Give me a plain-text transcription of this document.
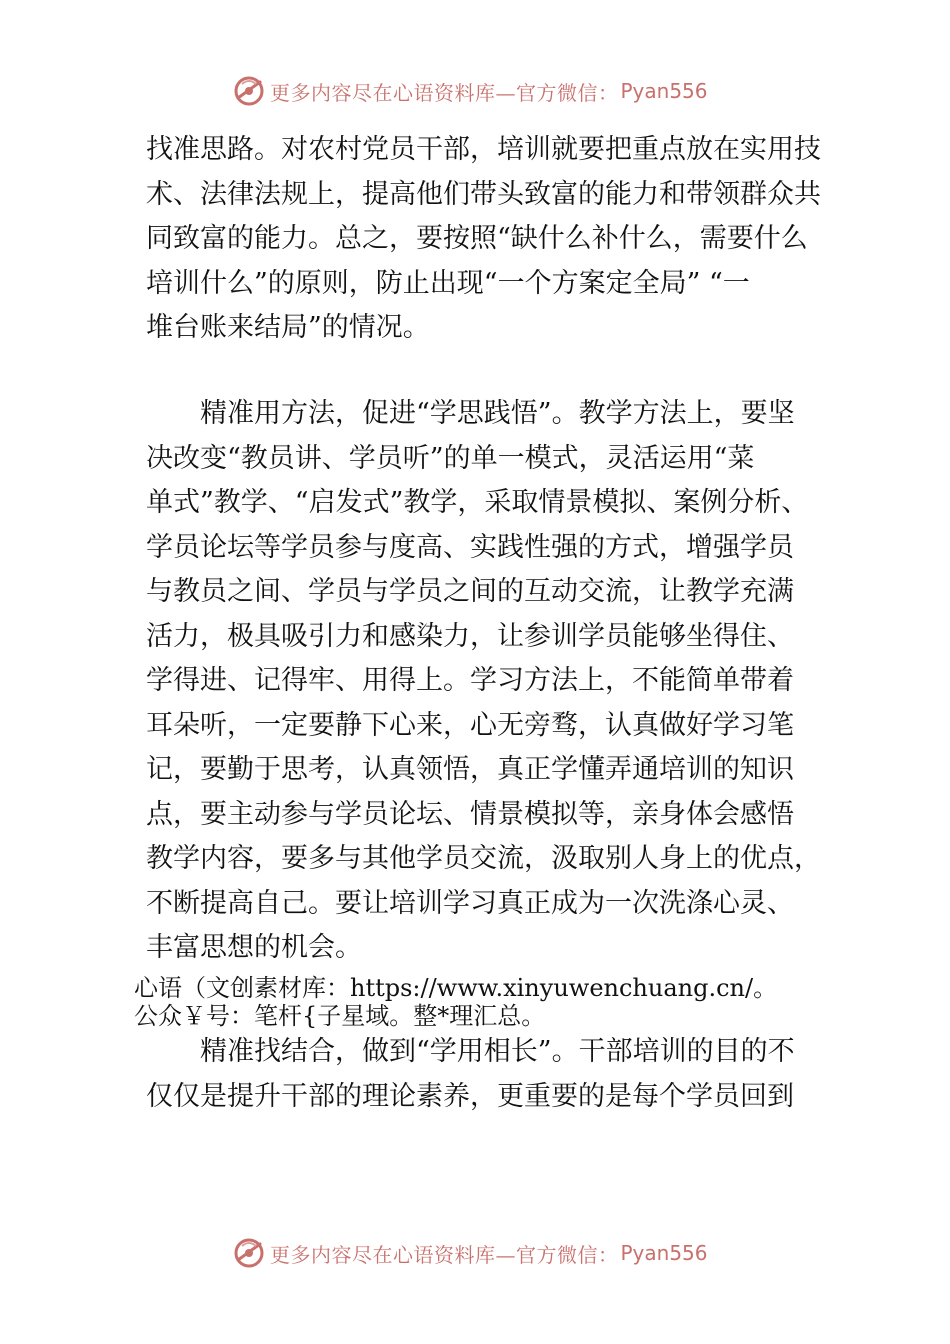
更多内容尽在心语资料库—官方微信： Pyan556
找准思路。对农村党员干部，培训就要把重点放在实用技
术、法律法规上，提高他们带头致富的能力和带领群众共
同致富的能力。总之，要按照“缺什么补什么，需要什么
培训什么”的原则，防止出现“一个方案定全局” “一
堆台账来结局”的情况。
　　精准用方法，促进“学思践悟”。教学方法上，要坚
决改变“教员讲、学员听”的单一模式，灵活运用“菜
单式”教学、“启发式”教学，采取情景模拟、案例分析、
学员论坛等学员参与度高、实践性强的方式，增强学员
与教员之间、学员与学员之间的互动交流，让教学充满
活力，极具吸引力和感染力，让参训学员能够坐得住、
学得进、记得牢、用得上。学习方法上，不能简单带着
耳朵听，一定要静下心来，心无旁骛，认真做好学习笔
记，要勤于思考，认真领悟，真正学懂弄通培训的知识
点，要主动参与学员论坛、情景模拟等，亲身体会感悟
教学内容，要多与其他学员交流，汲取别人身上的优点，
不断提高自己。要让培训学习真正成为一次洗涤心灵、
丰富思想的机会。
心语（文创素材库：https://www.xinyuwenchuang.cn/。
公众￥号：笔杆{子星域。整*理汇总。
　　精准找结合，做到“学用相长”。干部培训的目的不
仅仅是提升干部的理论素养，更重要的是每个学员回到
更多内容尽在心语资料库—官方微信： Pyan556
